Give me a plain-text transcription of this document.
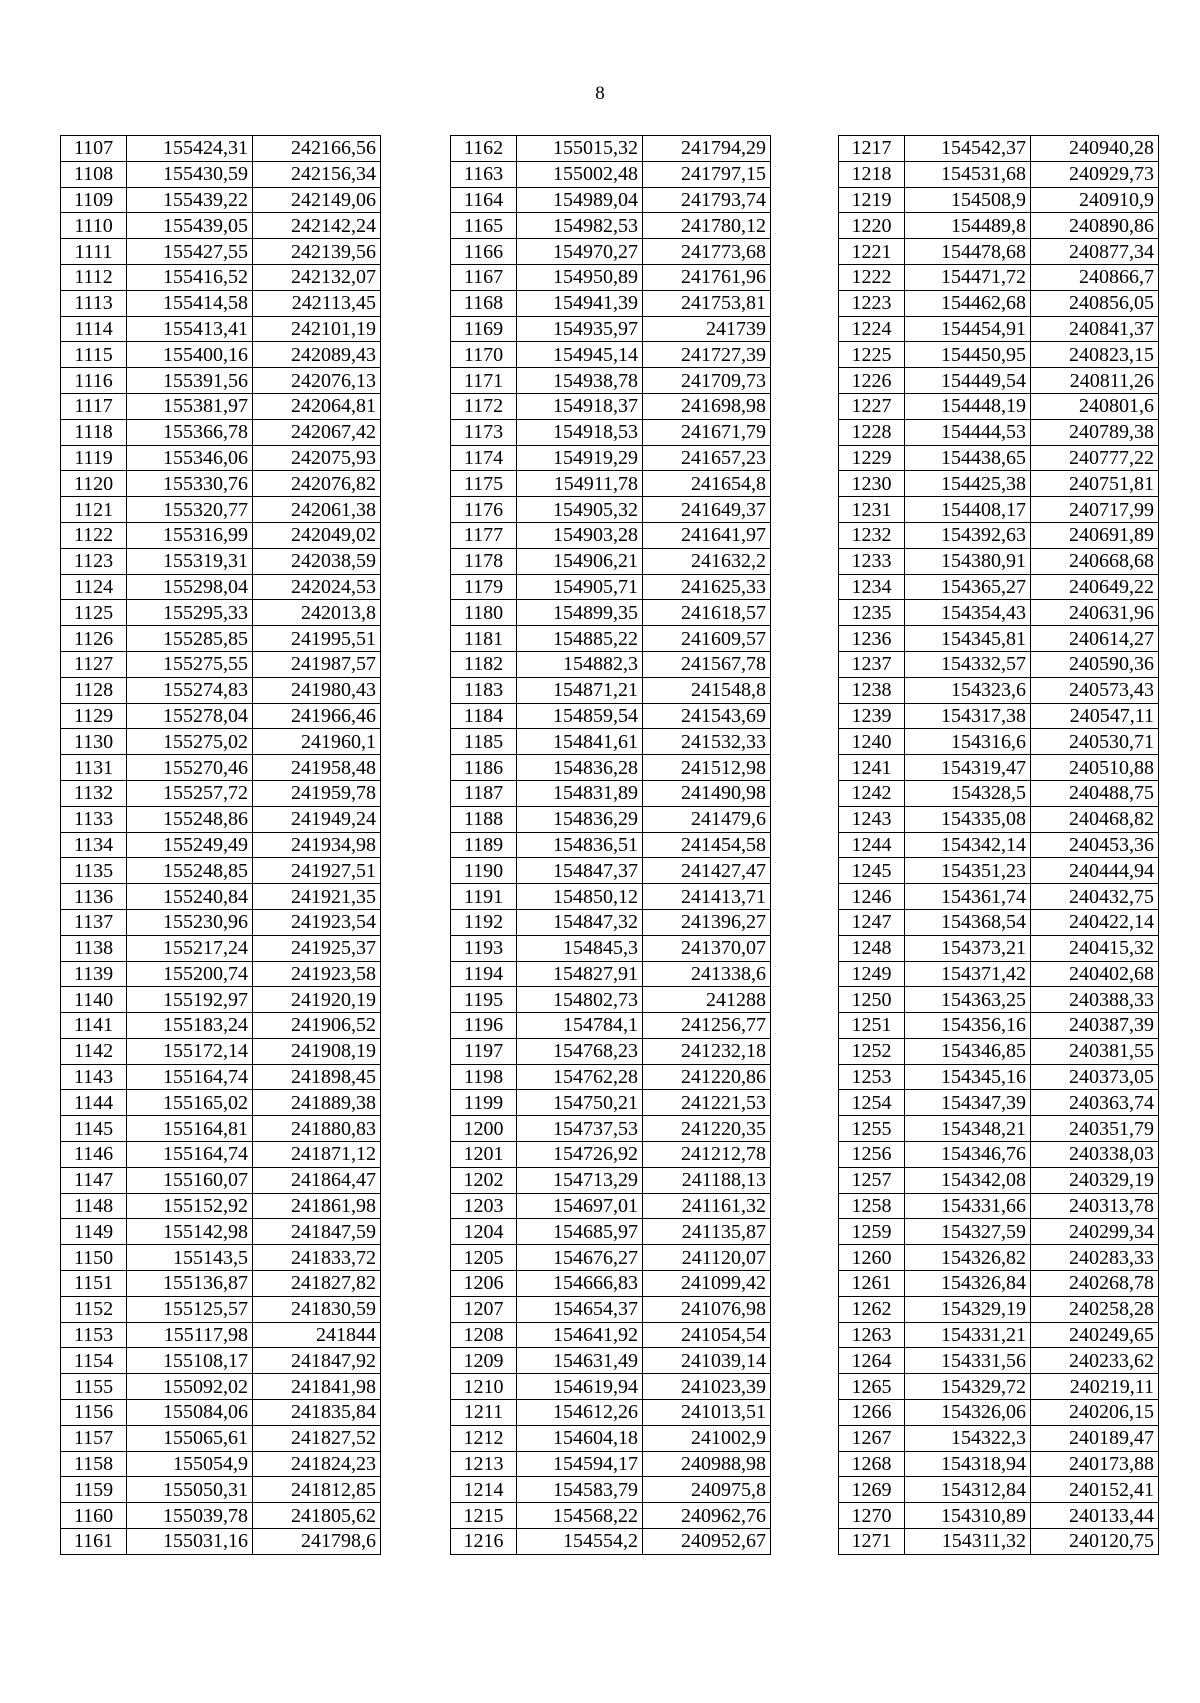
8
1107	155424,31	242166,56
1108	155430,59	242156,34
1109	155439,22	242149,06
1110	155439,05	242142,24
1111	155427,55	242139,56
1112	155416,52	242132,07
1113	155414,58	242113,45
1114	155413,41	242101,19
1115	155400,16	242089,43
1116	155391,56	242076,13
1117	155381,97	242064,81
1118	155366,78	242067,42
1119	155346,06	242075,93
1120	155330,76	242076,82
1121	155320,77	242061,38
1122	155316,99	242049,02
1123	155319,31	242038,59
1124	155298,04	242024,53
1125	155295,33	242013,8
1126	155285,85	241995,51
1127	155275,55	241987,57
1128	155274,83	241980,43
1129	155278,04	241966,46
1130	155275,02	241960,1
1131	155270,46	241958,48
1132	155257,72	241959,78
1133	155248,86	241949,24
1134	155249,49	241934,98
1135	155248,85	241927,51
1136	155240,84	241921,35
1137	155230,96	241923,54
1138	155217,24	241925,37
1139	155200,74	241923,58
1140	155192,97	241920,19
1141	155183,24	241906,52
1142	155172,14	241908,19
1143	155164,74	241898,45
1144	155165,02	241889,38
1145	155164,81	241880,83
1146	155164,74	241871,12
1147	155160,07	241864,47
1148	155152,92	241861,98
1149	155142,98	241847,59
1150	155143,5	241833,72
1151	155136,87	241827,82
1152	155125,57	241830,59
1153	155117,98	241844
1154	155108,17	241847,92
1155	155092,02	241841,98
1156	155084,06	241835,84
1157	155065,61	241827,52
1158	155054,9	241824,23
1159	155050,31	241812,85
1160	155039,78	241805,62
1161	155031,16	241798,6
1162	155015,32	241794,29
1163	155002,48	241797,15
1164	154989,04	241793,74
1165	154982,53	241780,12
1166	154970,27	241773,68
1167	154950,89	241761,96
1168	154941,39	241753,81
1169	154935,97	241739
1170	154945,14	241727,39
1171	154938,78	241709,73
1172	154918,37	241698,98
1173	154918,53	241671,79
1174	154919,29	241657,23
1175	154911,78	241654,8
1176	154905,32	241649,37
1177	154903,28	241641,97
1178	154906,21	241632,2
1179	154905,71	241625,33
1180	154899,35	241618,57
1181	154885,22	241609,57
1182	154882,3	241567,78
1183	154871,21	241548,8
1184	154859,54	241543,69
1185	154841,61	241532,33
1186	154836,28	241512,98
1187	154831,89	241490,98
1188	154836,29	241479,6
1189	154836,51	241454,58
1190	154847,37	241427,47
1191	154850,12	241413,71
1192	154847,32	241396,27
1193	154845,3	241370,07
1194	154827,91	241338,6
1195	154802,73	241288
1196	154784,1	241256,77
1197	154768,23	241232,18
1198	154762,28	241220,86
1199	154750,21	241221,53
1200	154737,53	241220,35
1201	154726,92	241212,78
1202	154713,29	241188,13
1203	154697,01	241161,32
1204	154685,97	241135,87
1205	154676,27	241120,07
1206	154666,83	241099,42
1207	154654,37	241076,98
1208	154641,92	241054,54
1209	154631,49	241039,14
1210	154619,94	241023,39
1211	154612,26	241013,51
1212	154604,18	241002,9
1213	154594,17	240988,98
1214	154583,79	240975,8
1215	154568,22	240962,76
1216	154554,2	240952,67
1217	154542,37	240940,28
1218	154531,68	240929,73
1219	154508,9	240910,9
1220	154489,8	240890,86
1221	154478,68	240877,34
1222	154471,72	240866,7
1223	154462,68	240856,05
1224	154454,91	240841,37
1225	154450,95	240823,15
1226	154449,54	240811,26
1227	154448,19	240801,6
1228	154444,53	240789,38
1229	154438,65	240777,22
1230	154425,38	240751,81
1231	154408,17	240717,99
1232	154392,63	240691,89
1233	154380,91	240668,68
1234	154365,27	240649,22
1235	154354,43	240631,96
1236	154345,81	240614,27
1237	154332,57	240590,36
1238	154323,6	240573,43
1239	154317,38	240547,11
1240	154316,6	240530,71
1241	154319,47	240510,88
1242	154328,5	240488,75
1243	154335,08	240468,82
1244	154342,14	240453,36
1245	154351,23	240444,94
1246	154361,74	240432,75
1247	154368,54	240422,14
1248	154373,21	240415,32
1249	154371,42	240402,68
1250	154363,25	240388,33
1251	154356,16	240387,39
1252	154346,85	240381,55
1253	154345,16	240373,05
1254	154347,39	240363,74
1255	154348,21	240351,79
1256	154346,76	240338,03
1257	154342,08	240329,19
1258	154331,66	240313,78
1259	154327,59	240299,34
1260	154326,82	240283,33
1261	154326,84	240268,78
1262	154329,19	240258,28
1263	154331,21	240249,65
1264	154331,56	240233,62
1265	154329,72	240219,11
1266	154326,06	240206,15
1267	154322,3	240189,47
1268	154318,94	240173,88
1269	154312,84	240152,41
1270	154310,89	240133,44
1271	154311,32	240120,75
